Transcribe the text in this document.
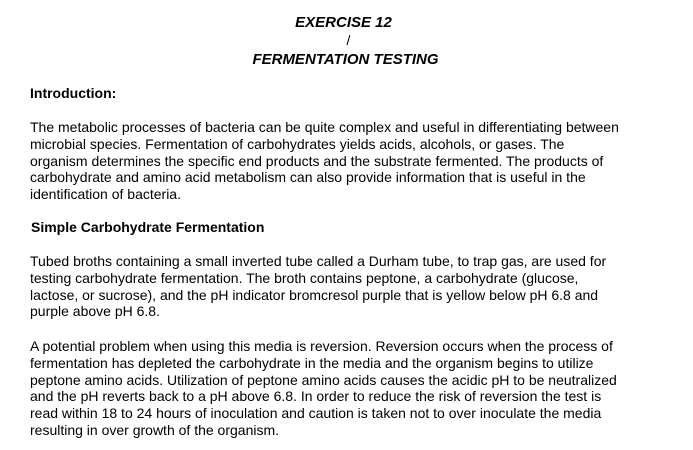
EXERCISE 12
/
FERMENTATION TESTING
Introduction:
The metabolic processes of bacteria can be quite complex and useful in differentiating between
microbial species. Fermentation of carbohydrates yields acids, alcohols, or gases. The
organism determines the specific end products and the substrate fermented. The products of
carbohydrate and amino acid metabolism can also provide information that is useful in the
identification of bacteria.
Simple Carbohydrate Fermentation
Tubed broths containing a small inverted tube called a Durham tube, to trap gas, are used for
testing carbohydrate fermentation. The broth contains peptone, a carbohydrate (glucose,
lactose, or sucrose), and the pH indicator bromcresol purple that is yellow below pH 6.8 and
purple above pH 6.8.
A potential problem when using this media is reversion. Reversion occurs when the process of
fermentation has depleted the carbohydrate in the media and the organism begins to utilize
peptone amino acids. Utilization of peptone amino acids causes the acidic pH to be neutralized
and the pH reverts back to a pH above 6.8. In order to reduce the risk of reversion the test is
read within 18 to 24 hours of inoculation and caution is taken not to over inoculate the media
resulting in over growth of the organism.
